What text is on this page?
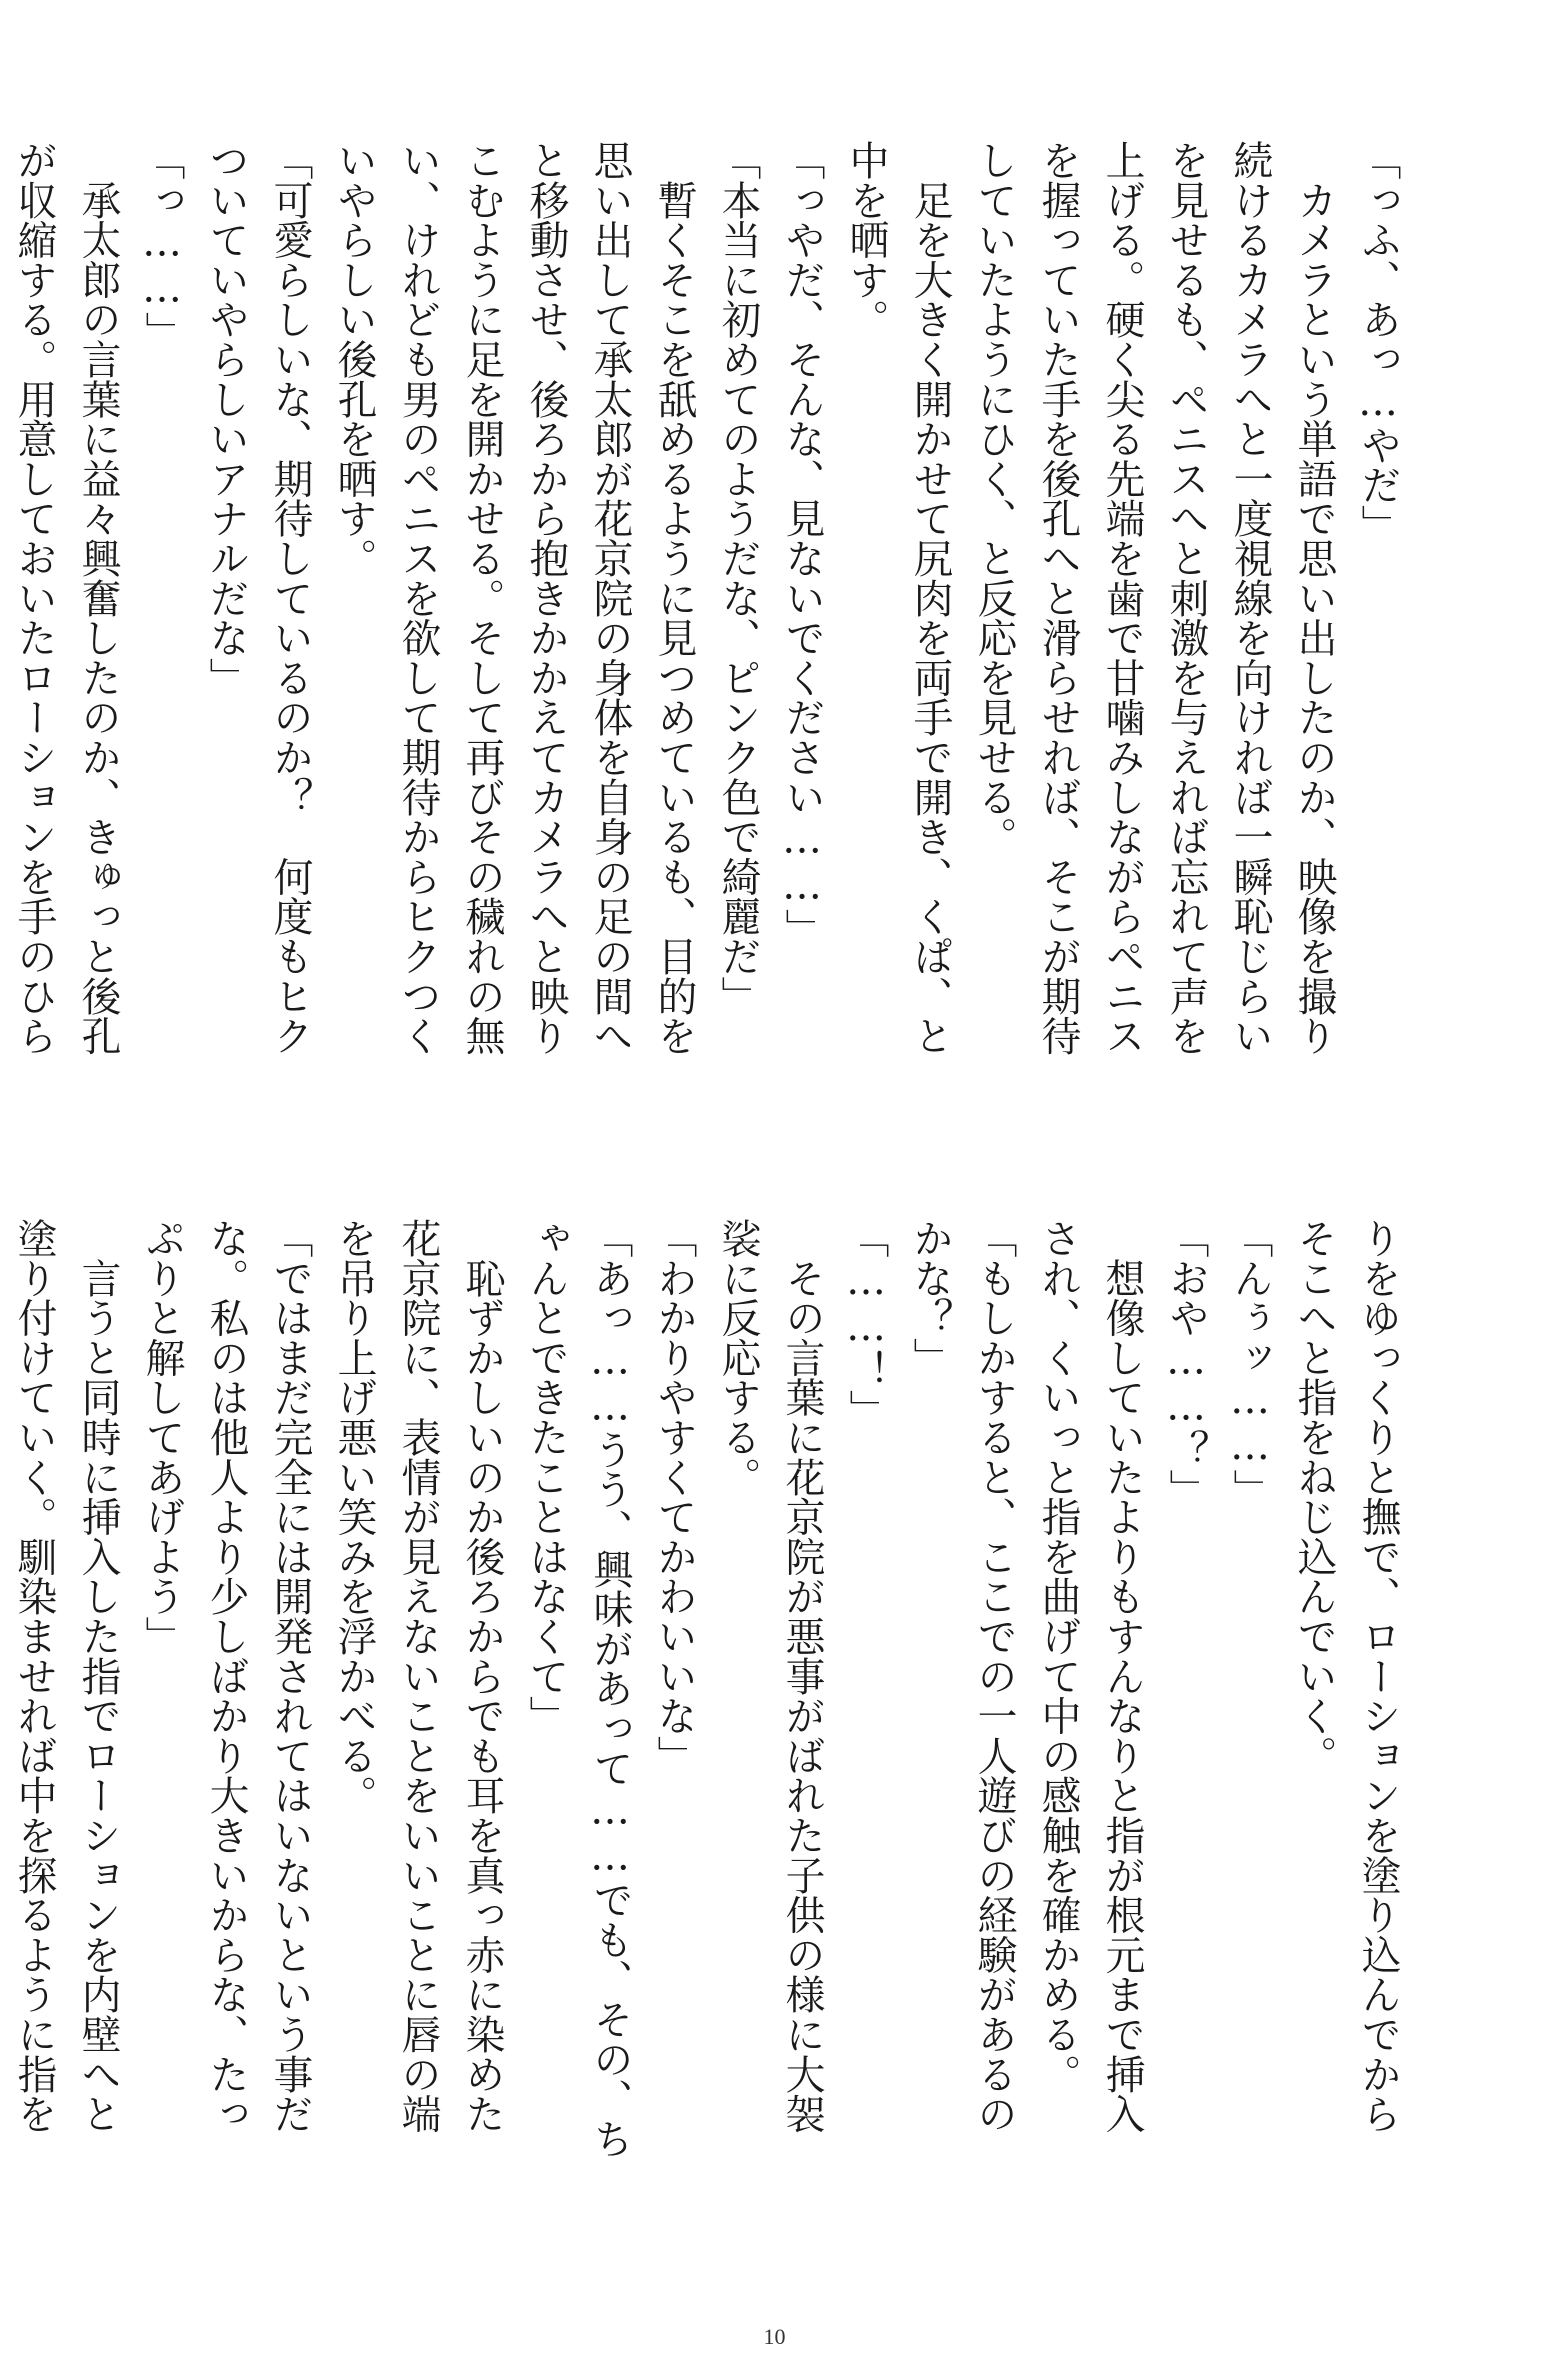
「っふ、あっ…やだ」
　カメラという単語で思い出したのか、映像を撮り
続けるカメラへと一度視線を向ければ一瞬恥じらい
を見せるも、ペニスへと刺激を与えれば忘れて声を
上げる。硬く尖る先端を歯で甘噛みしながらペニス
を握っていた手を後孔へと滑らせれば、そこが期待
していたようにひく、と反応を見せる。
　足を大きく開かせて尻肉を両手で開き、くぱ、と
中を晒す。
「っやだ、そんな、見ないでください……」
「本当に初めてのようだな、ピンク色で綺麗だ」
　暫くそこを舐めるように見つめているも、目的を
思い出して承太郎が花京院の身体を自身の足の間へ
と移動させ、後ろから抱きかかえてカメラへと映り
こむように足を開かせる。そして再びその穢れの無
い、けれども男のペニスを欲して期待からヒクつく
いやらしい後孔を晒す。
「可愛らしいな、期待しているのか？　何度もヒク
ついていやらしいアナルだな」
「っ……」
　承太郎の言葉に益々興奮したのか、きゅっと後孔
が収縮する。用意しておいたローションを手のひら
りをゆっくりと撫で、ローションを塗り込んでから
そこへと指をねじ込んでいく。
「んぅッ……」
「おや……？」
　想像していたよりもすんなりと指が根元まで挿入
され、くいっと指を曲げて中の感触を確かめる。
「もしかすると、ここでの一人遊びの経験があるの
かな？」
「……！」
　その言葉に花京院が悪事がばれた子供の様に大袈
裟に反応する。
「わかりやすくてかわいいな」
「あっ……うう、興味があって……でも、その、ち
ゃんとできたことはなくて」
　恥ずかしいのか後ろからでも耳を真っ赤に染めた
花京院に、表情が見えないことをいいことに唇の端
を吊り上げ悪い笑みを浮かべる。
「ではまだ完全には開発されてはいないという事だ
な。私のは他人より少しばかり大きいからな、たっ
ぷりと解してあげよう」
　言うと同時に挿入した指でローションを内壁へと
塗り付けていく。馴染ませれば中を探るように指を
10
